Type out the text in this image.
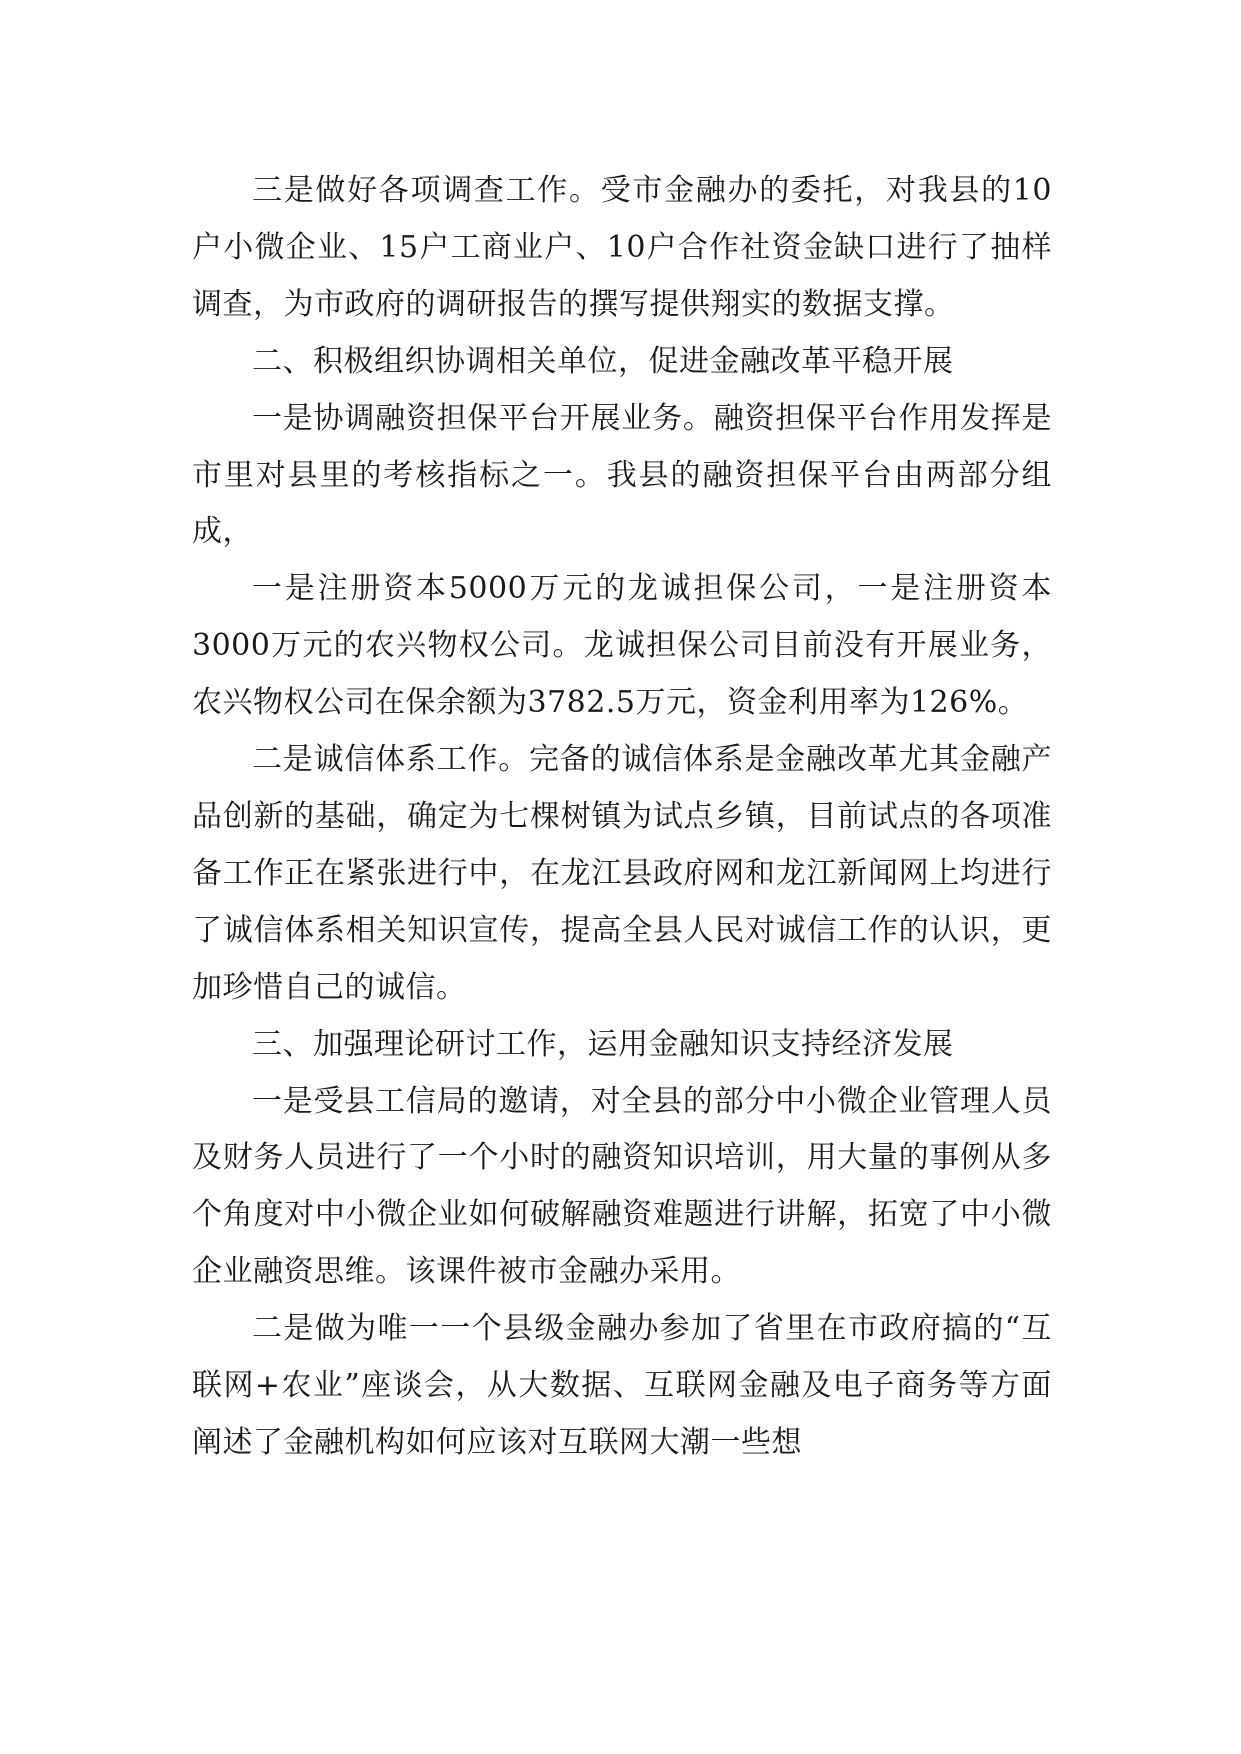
三是做好各项调查工作。受市金融办的委托，对我县的10户小微企业、15户工商业户、10户合作社资金缺口进行了抽样调查，为市政府的调研报告的撰写提供翔实的数据支撑。

二、积极组织协调相关单位，促进金融改革平稳开展

一是协调融资担保平台开展业务。融资担保平台作用发挥是市里对县里的考核指标之一。我县的融资担保平台由两部分组成，

一是注册资本5000万元的龙诚担保公司，一是注册资本3000万元的农兴物权公司。龙诚担保公司目前没有开展业务，农兴物权公司在保余额为3782.5万元，资金利用率为126%。

二是诚信体系工作。完备的诚信体系是金融改革尤其金融产品创新的基础，确定为七棵树镇为试点乡镇，目前试点的各项准备工作正在紧张进行中，在龙江县政府网和龙江新闻网上均进行了诚信体系相关知识宣传，提高全县人民对诚信工作的认识，更加珍惜自己的诚信。

三、加强理论研讨工作，运用金融知识支持经济发展

一是受县工信局的邀请，对全县的部分中小微企业管理人员及财务人员进行了一个小时的融资知识培训，用大量的事例从多个角度对中小微企业如何破解融资难题进行讲解，拓宽了中小微企业融资思维。该课件被市金融办采用。

二是做为唯一一个县级金融办参加了省里在市政府搞的“互联网+农业”座谈会，从大数据、互联网金融及电子商务等方面阐述了金融机构如何应该对互联网大潮一些想
